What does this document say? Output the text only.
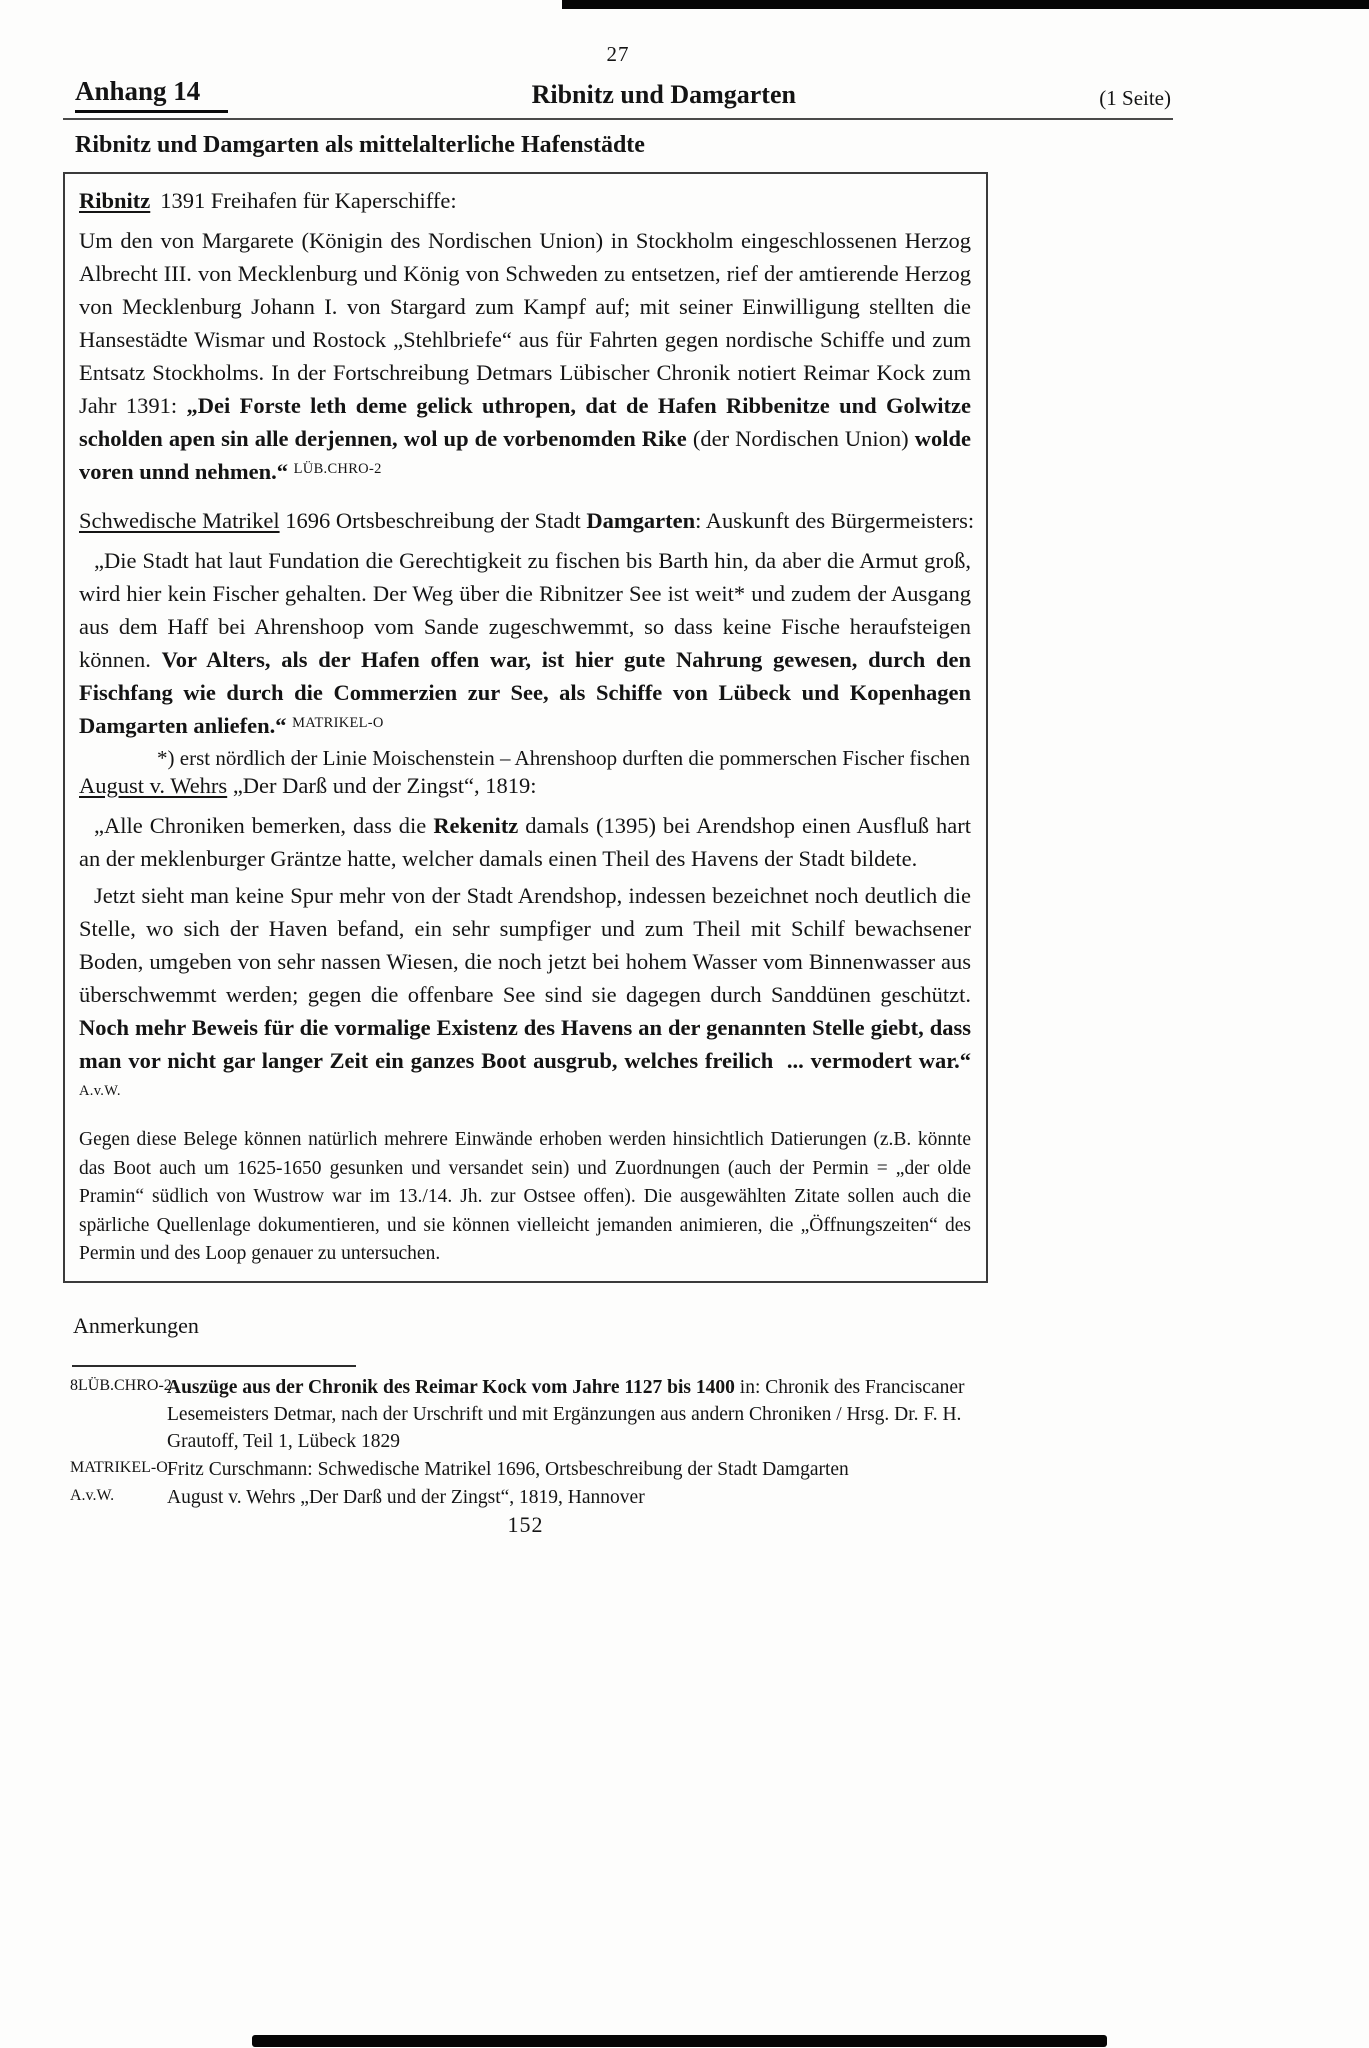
27
Anhang 14	Ribnitz und Damgarten	(1 Seite)
Ribnitz und Damgarten als mittelalterliche Hafenstädte
Ribnitz 1391 Freihafen für Kaperschiffe:

Um den von Margarete (Königin des Nordischen Union) in Stockholm eingeschlossenen Herzog Albrecht III. von Mecklenburg und König von Schweden zu entsetzen, rief der amtierende Herzog von Mecklenburg Johann I. von Stargard zum Kampf auf; mit seiner Einwilligung stellten die Hansestädte Wismar und Rostock „Stehlbriefe“ aus für Fahrten gegen nordische Schiffe und zum Entsatz Stockholms. In der Fortschreibung Detmars Lübischer Chronik notiert Reimar Kock zum Jahr 1391: „Dei Forste leth deme gelick uthropen, dat de Hafen Ribbenitze und Golwitze scholden apen sin alle derjennen, wol up de vorbenomden Rike (der Nordischen Union) wolde voren unnd nehmen.“ $^{LÜB.CHRO-2}$

Schwedische Matrikel 1696 Ortsbeschreibung der Stadt Damgarten: Auskunft des Bürgermeisters:

„Die Stadt hat laut Fundation die Gerechtigkeit zu fischen bis Barth hin, da aber die Armut groß, wird hier kein Fischer gehalten. Der Weg über die Ribnitzer See ist weit* und zudem der Ausgang aus dem Haff bei Ahrenshoop vom Sande zugeschwemmt, so dass keine Fische heraufsteigen können. Vor Alters, als der Hafen offen war, ist hier gute Nahrung gewesen, durch den Fischfang wie durch die Commerzien zur See, als Schiffe von Lübeck und Kopenhagen Damgarten anliefen.“ $^{MATRIKEL-O}$

*) erst nördlich der Linie Moischenstein – Ahrenshoop durften die pommerschen Fischer fischen
August v. Wehrs „Der Darß und der Zingst“, 1819:

„Alle Chroniken bemerken, dass die Rekenitz damals (1395) bei Arendshop einen Ausfluß hart an der meklenburger Gräntze hatte, welcher damals einen Theil des Havens der Stadt bildete.

Jetzt sieht man keine Spur mehr von der Stadt Arendshop, indessen bezeichnet noch deutlich die Stelle, wo sich der Haven befand, ein sehr sumpfiger und zum Theil mit Schilf bewachsener Boden, umgeben von sehr nassen Wiesen, die noch jetzt bei hohem Wasser vom Binnenwasser aus überschwemmt werden; gegen die offenbare See sind sie dagegen durch Sanddünen geschützt. Noch mehr Beweis für die vormalige Existenz des Havens an der genannten Stelle giebt, dass man vor nicht gar langer Zeit ein ganzes Boot ausgrub, welches freilich  ... vermodert war.“ $^{A.v.W.}$

Gegen diese Belege können natürlich mehrere Einwände erhoben werden hinsichtlich Datierungen (z.B. könnte das Boot auch um 1625-1650 gesunken und versandet sein) und Zuordnungen (auch der Permin = „der olde Pramin“ südlich von Wustrow war im 13./14. Jh. zur Ostsee offen). Die ausgewählten Zitate sollen auch die spärliche Quellenlage dokumentieren, und sie können vielleicht jemanden animieren, die „Öffnungszeiten“ des Permin und des Loop genauer zu untersuchen.

Anmerkungen
8LÜB.CHRO-2
Auszüge aus der Chronik des Reimar Kock vom Jahre 1127 bis 1400 in: Chronik des Franciscaner Lesemeisters Detmar, nach der Urschrift und mit Ergänzungen aus andern Chroniken / Hrsg. Dr. F. H. Grautoff, Teil 1, Lübeck 1829
MATRIKEL-O Fritz Curschmann: Schwedische Matrikel 1696, Ortsbeschreibung der Stadt Damgarten
A.v.W.	August v. Wehrs „Der Darß und der Zingst“, 1819, Hannover
152
